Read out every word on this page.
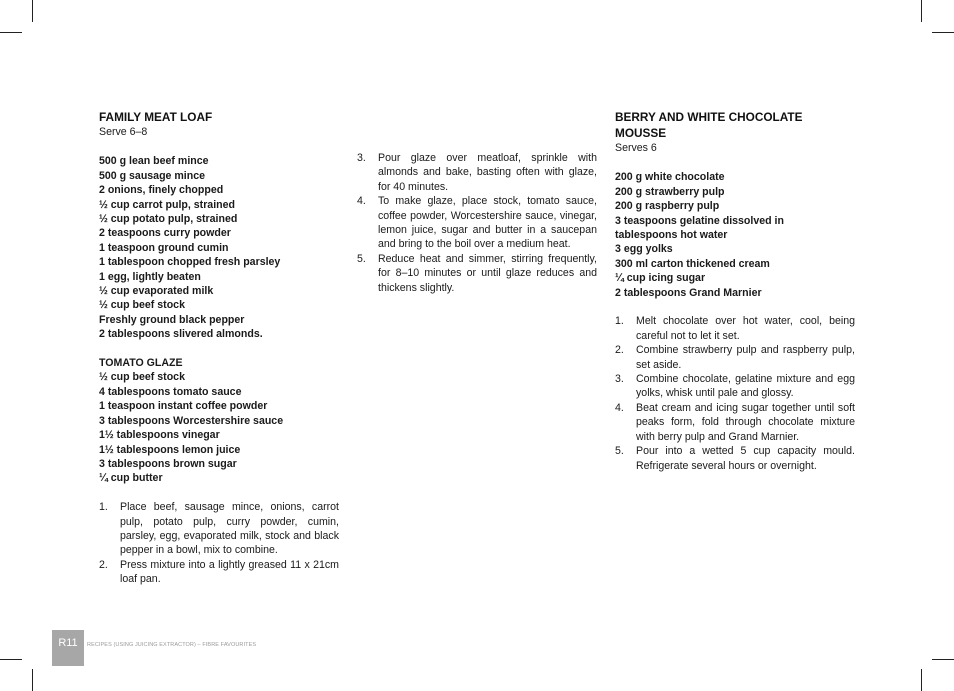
FAMILY MEAT LOAF

Serve 6–8

500 g lean beef mince
500 g sausage mince
2 onions, finely chopped
½ cup carrot pulp, strained
½ cup potato pulp, strained
2 teaspoons curry powder
1 teaspoon ground cumin
1 tablespoon chopped fresh parsley
1 egg, lightly beaten
½ cup evaporated milk
½ cup beef stock
Freshly ground black pepper
2 tablespoons slivered almonds.

TOMATO GLAZE

½ cup beef stock
4 tablespoons tomato sauce
1 teaspoon instant coffee powder
3 tablespoons Worcestershire sauce
1½ tablespoons vinegar
1½ tablespoons lemon juice
3 tablespoons brown sugar
¼ cup butter
1.	Place beef, sausage mince, onions, carrot pulp, potato pulp, curry powder, cumin, parsley, egg, evaporated milk, stock and black pepper in a bowl, mix to combine.
2.	Press mixture into a lightly greased 11 x 21cm loaf pan.
3.	Pour glaze over meatloaf, sprinkle with almonds and bake, basting often with glaze, for 40 minutes.
4.	To make glaze, place stock, tomato sauce, coffee powder, Worcestershire sauce, vinegar, lemon juice, sugar and butter in a saucepan and bring to the boil over a medium heat.
5.	Reduce heat and simmer, stirring frequently, for 8–10 minutes or until glaze reduces and thickens slightly.

BERRY AND WHITE CHOCOLATE

MOUSSE

Serves 6

200 g white chocolate
200 g strawberry pulp
200 g raspberry pulp
3 teaspoons gelatine dissolved in
tablespoons hot water
3 egg yolks
300 ml carton thickened cream
¼ cup icing sugar
2 tablespoons Grand Marnier
1.	Melt chocolate over hot water, cool, being careful not to let it set.
2.	Combine strawberry pulp and raspberry pulp, set aside.
3.	Combine chocolate, gelatine mixture and egg yolks, whisk until pale and glossy.
4.	Beat cream and icing sugar together until soft peaks form, fold through chocolate mixture with berry pulp and Grand Marnier.
5.	Pour into a wetted 5 cup capacity mould. Refrigerate several hours or overnight.
R11	RECIPES (USING JUICING EXTRACTOR) – FIBRE FAVOURITES
